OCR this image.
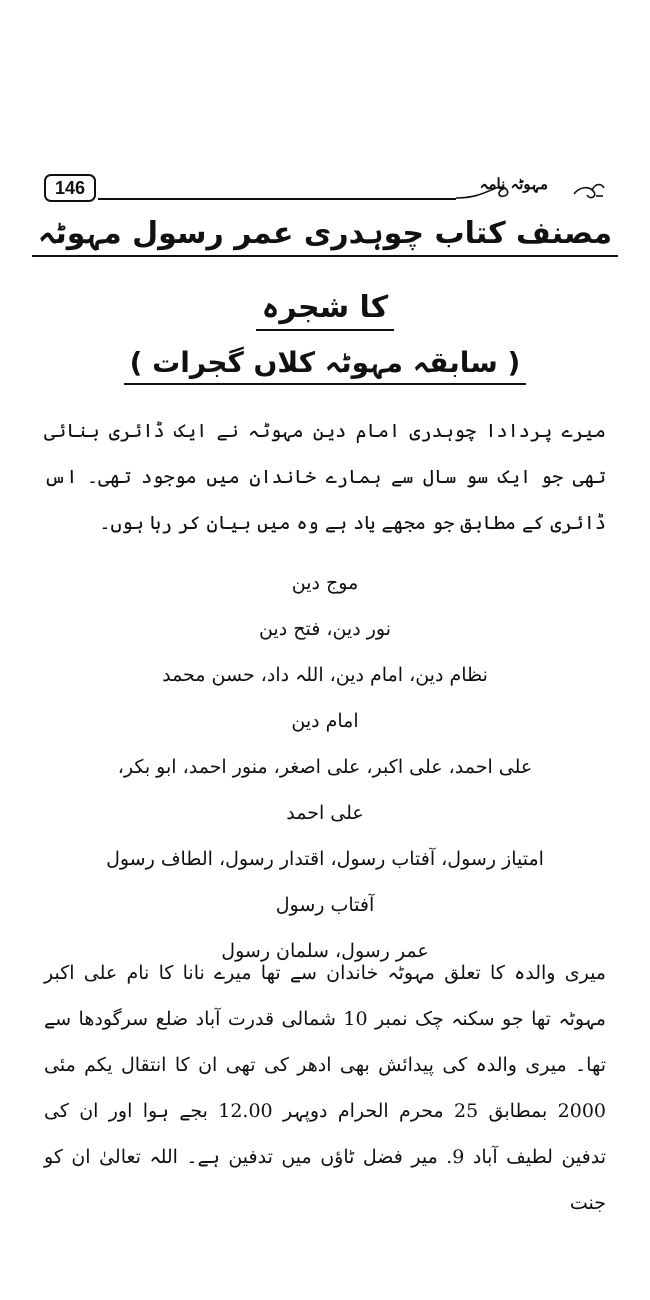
146	مہوٹہ نامہ
مصنف کتاب چوہدری عمر رسول مہوٹہ
کا شجرہ
( سابقہ مہوٹہ کلاں گجرات )
میرے پردادا چوہدری امام دین مہوٹہ نے ایک ڈائری بنائی تھی جو ایک سو سال سے ہمارے خاندان میں موجود تھی۔ اس ڈائری کے مطابق جو مجھے یاد ہے وہ میں بیان کر رہا ہوں۔
موج دین
نور دین، فتح دین
نظام دین، امام دین، اللہ داد، حسن محمد
امام دین
علی احمد، علی اکبر، علی اصغر، منور احمد، ابو بکر،
علی احمد
امتیاز رسول، آفتاب رسول، اقتدار رسول، الطاف رسول
آفتاب رسول
عمر رسول، سلمان رسول
میری والدہ کا تعلق مہوٹہ خاندان سے تھا میرے نانا کا نام علی اکبر مہوٹہ تھا جو سکنہ چک نمبر 10 شمالی قدرت آباد ضلع سرگودھا سے تھا۔ میری والدہ کی پیدائش بھی ادھر کی تھی ان کا انتقال یکم مئی 2000 بمطابق 25 محرم الحرام دوپہر 12.00 بجے ہوا اور ان کی تدفین لطیف آباد 9. میر فضل ٹاؤں میں تدفین ہے۔ اللہ تعالیٰ ان کو جنت
